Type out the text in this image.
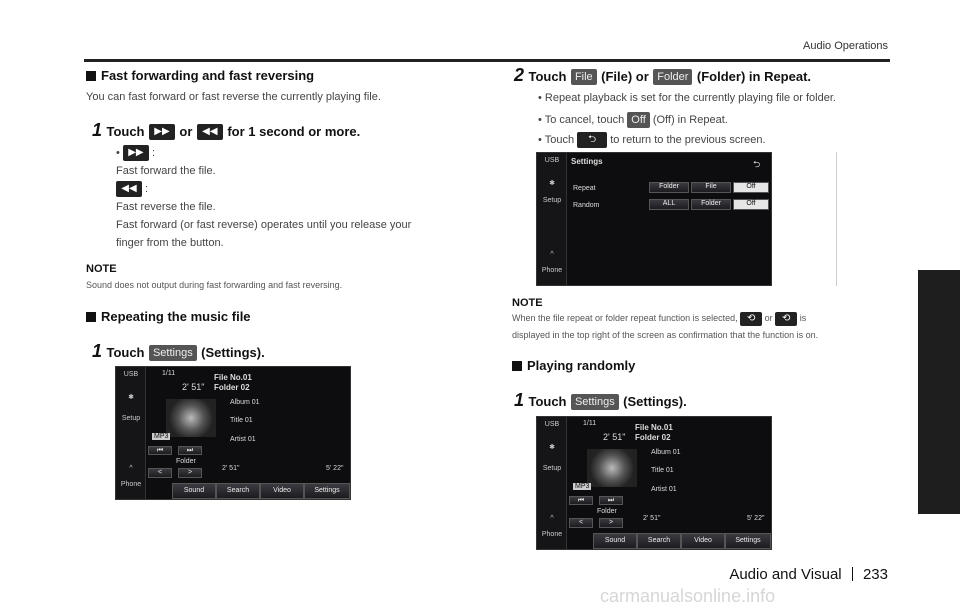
Audio Operations
Fast forwarding and fast reversing
You can fast forward or fast reverse the currently playing file.
1 Touch ▶▶ or ◀◀ for 1 second or more.
• ▶▶ :
Fast forward the file.
◀◀ :
Fast reverse the file.
Fast forward (or fast reverse) operates until you release your
finger from the button.
NOTE
Sound does not output during fast forwarding and fast reversing.
Repeating the music file
1 Touch Settings (Settings).
USB
✱
Setup
^
Phone
1/11
2' 51"
File No.01
Folder 02
MP3
Album 01
Title 01
Artist 01
⏮	⏭
Folder
<	>
2' 51"	5' 22"
Sound	Search	Video	Settings
2 Touch File (File) or Folder (Folder) in Repeat.
• Repeat playback is set for the currently playing file or folder.
• To cancel, touch Off (Off) in Repeat.
• Touch ⮌ to return to the previous screen.
USB
✱
Setup
^
Phone
Settings	⮌
Repeat
Random
Folder	File	Off
ALL	Folder	Off
NOTE
When the file repeat or folder repeat function is selected, ⟲ or ⟲ is
displayed in the top right of the screen as confirmation that the function is on.
Playing randomly
1 Touch Settings (Settings).
USB
✱
Setup
^
Phone
1/11
2' 51"
File No.01
Folder 02
MP3
Album 01
Title 01
Artist 01
⏮	⏭
Folder
<	>
2' 51"	5' 22"
Sound	Search	Video	Settings
Audio and Visual 233
carmanualsonline.info
